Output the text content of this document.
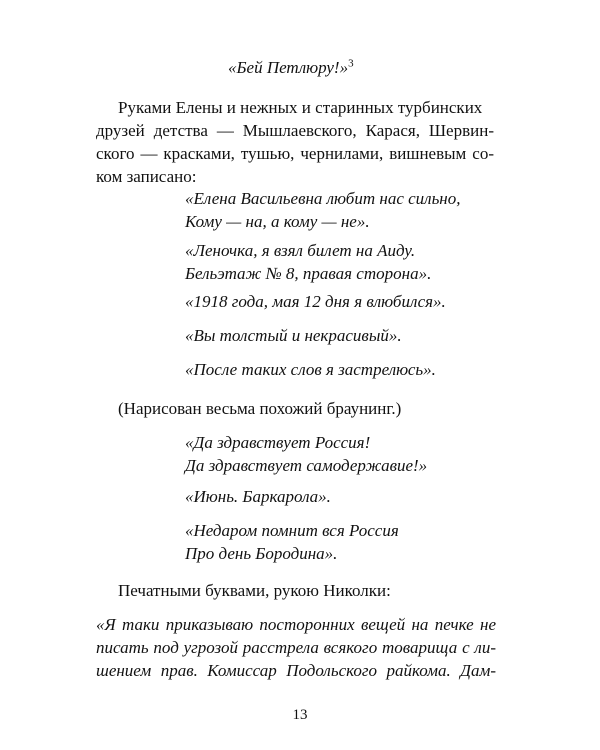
«Бей Петлюру!»$^3$
Руками Елены и нежных и старинных турбинских
друзей детства — Мышлаевского, Карася, Шервин-
ского — красками, тушью, чернилами, вишневым со-
ком записано:
«Елена Васильевна любит нас сильно,
Кому — на, а кому — не».
«Леночка, я взял билет на Аиду.
Бельэтаж № 8, правая сторона».
«1918 года, мая 12 дня я влюбился».
«Вы толстый и некрасивый».
«После таких слов я застрелюсь».
(Нарисован весьма похожий браунинг.)
«Да здравствует Россия!
Да здравствует самодержавие!»
«Июнь. Баркарола».
«Недаром помнит вся Россия
Про день Бородина».
Печатными буквами, рукою Николки:
«Я таки приказываю посторонних вещей на печке не
писать под угрозой расстрела всякого товарища с ли-
шением прав. Комиссар Подольского райкома. Дам-
13
